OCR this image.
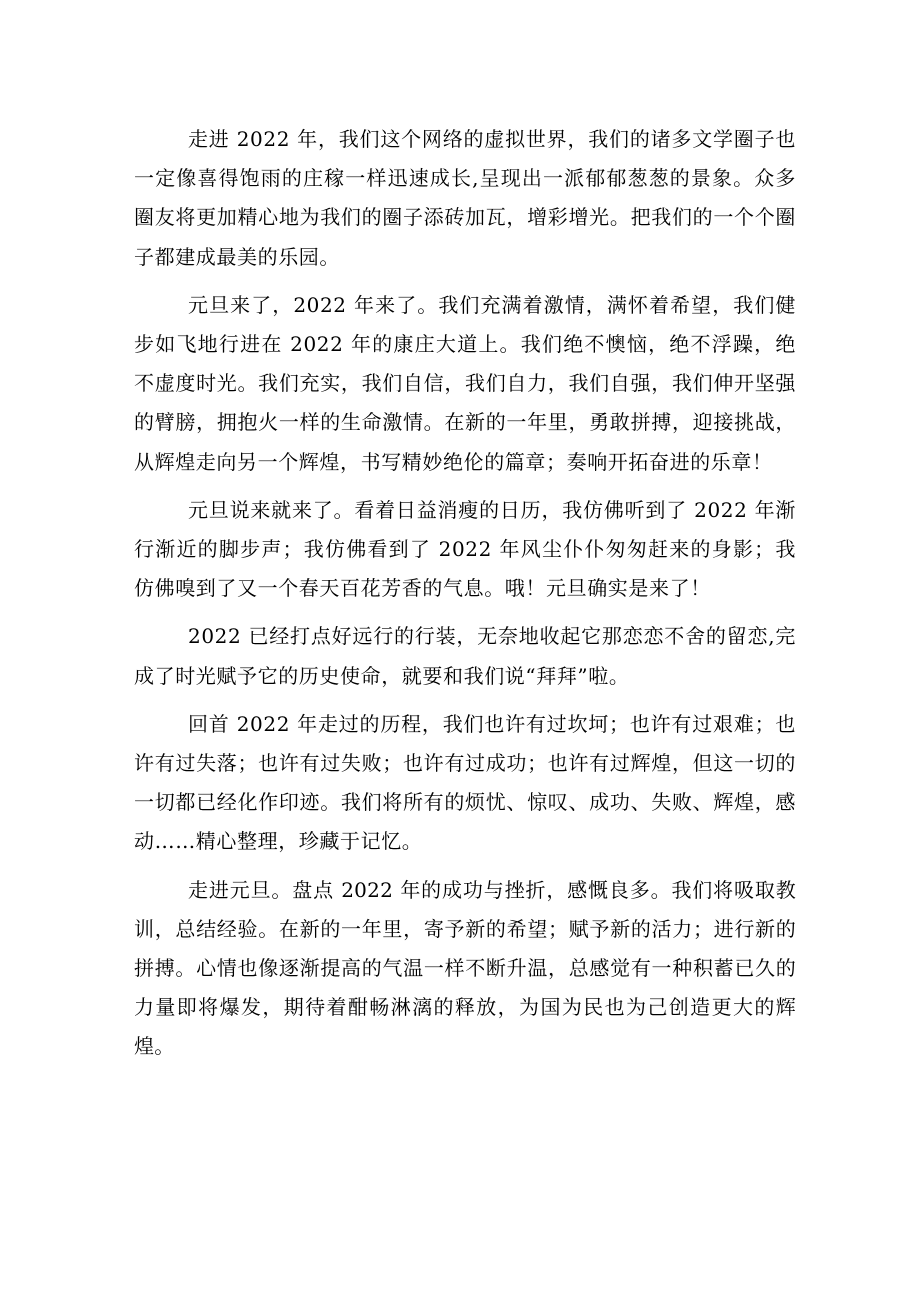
走进 2022 年，我们这个网络的虚拟世界，我们的诸多文学圈子也一定像喜得饱雨的庄稼一样迅速成长,呈现出一派郁郁葱葱的景象。众多圈友将更加精心地为我们的圈子添砖加瓦，增彩增光。把我们的一个个圈子都建成最美的乐园。

元旦来了，2022 年来了。我们充满着激情，满怀着希望，我们健步如飞地行进在 2022 年的康庄大道上。我们绝不懊恼，绝不浮躁，绝不虚度时光。我们充实，我们自信，我们自力，我们自强，我们伸开坚强的臂膀，拥抱火一样的生命激情。在新的一年里，勇敢拼搏，迎接挑战，从辉煌走向另一个辉煌，书写精妙绝伦的篇章；奏响开拓奋进的乐章！

元旦说来就来了。看着日益消瘦的日历，我仿佛听到了 2022 年渐行渐近的脚步声；我仿佛看到了 2022 年风尘仆仆匆匆赶来的身影；我仿佛嗅到了又一个春天百花芳香的气息。哦！元旦确实是来了！

2022 已经打点好远行的行装，无奈地收起它那恋恋不舍的留恋,完成了时光赋予它的历史使命，就要和我们说“拜拜”啦。

回首 2022 年走过的历程，我们也许有过坎坷；也许有过艰难；也许有过失落；也许有过失败；也许有过成功；也许有过辉煌，但这一切的一切都已经化作印迹。我们将所有的烦忧、惊叹、成功、失败、辉煌，感动……精心整理，珍藏于记忆。

走进元旦。盘点 2022 年的成功与挫折，感慨良多。我们将吸取教训，总结经验。在新的一年里，寄予新的希望；赋予新的活力；进行新的拼搏。心情也像逐渐提高的气温一样不断升温，总感觉有一种积蓄已久的力量即将爆发，期待着酣畅淋漓的释放，为国为民也为己创造更大的辉煌。
